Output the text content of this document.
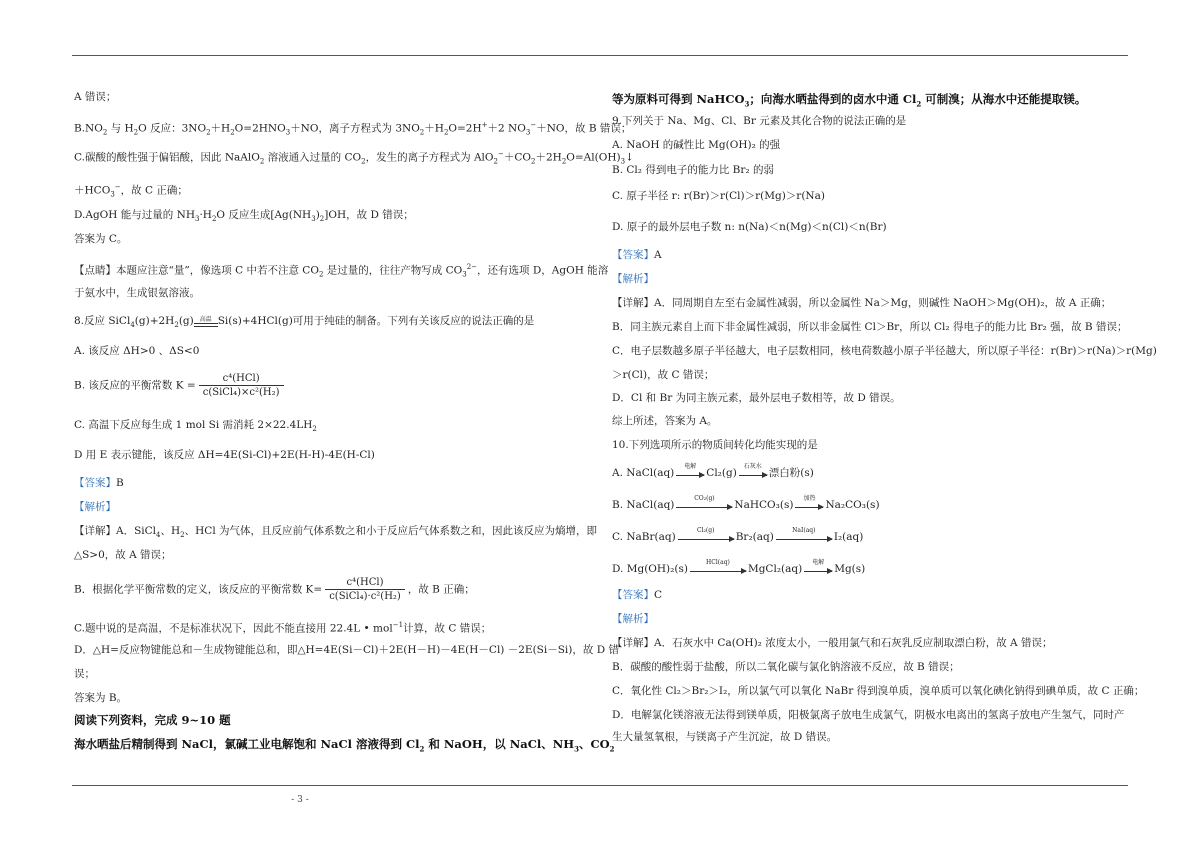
A 错误；
$B.NO_2$ 与 $H_2O$ 反应：$3NO_2+H_2O=2HNO_3+NO$，离子方程式为 $3NO_2+H_2O=2H^++2$ $NO_3^-+NO$，故 B 错误；
C.碳酸的酸性强于偏铝酸，因此 NaAlO$_2$ 溶液通入过量的 $CO_2$，发生的离子方程式为 $AlO_2^-+CO_2+2H_2O=Al(OH)_3↓$
$+HCO_3^-$，故 C 正确；
D.AgOH 能与过量的 $NH_3\cdot H_2O$ 反应生成$[Ag(NH_3)_2]OH$，故 D 错误；
答案为 C。
【点睛】本题应注意“量”，像选项 C 中若不注意 $CO_2$ 是过量的，往往产物写成 $CO_3^{2-}$，还有选项 D，AgOH 能溶
于氨水中，生成银氨溶液。
8.反应 $SiCl_4(g)+2H_2(g)$ 高温 Si(s)+4HCl(g)可用于纯硅的制备。下列有关该反应的说法正确的是
A. 该反应 ΔH>0 、ΔS<0
B. 该反应的平衡常数 $K = \frac{\text{c⁴(HCl)}}{\text{c(SiCl₄)×c²(H₂)}}$
C. 高温下反应每生成 1 mol Si 需消耗 $2\times 22.4LH_2$
D 用 E 表示键能，该反应 ΔH=4E(Si-Cl)+2E(H-H)-4E(H-Cl)
【答案】B
【解析】
【详解】A．SiCl$_4$、$H_2$、HCl 为气体，且反应前气体系数之和小于反应后气体系数之和，因此该反应为熵增，即
△S>0，故 A 错误；
B．根据化学平衡常数的定义，该反应的平衡常数 $K= \frac{\text{c⁴(HCl)}}{\text{c(SiCl₄)·c²(H₂)}}$ ，故 B 正确；
C.题中说的是高温，不是标准状况下，因此不能直接用 22.4L • mol$^{-1}$计算，故 C 错误；
D．△H=反应物键能总和－生成物键能总和，即△H=4E(Si－Cl)＋2E(H－H)－4E(H－Cl) －2E(Si－Si)，故 D 错
误；
答案为 B。
阅读下列资料，完成 9~10 题
海水晒盐后精制得到 NaCl，氯碱工业电解饱和 NaCl 溶液得到 $Cl_2$ 和 NaOH，以 NaCl、$NH_3$、$CO_2$
等为原料可得到 NaHCO$_3$；向海水晒盐得到的卤水中通 $Cl_2$ 可制溴；从海水中还能提取镁。
9.下列关于 Na、Mg、Cl、Br 元素及其化合物的说法正确的是
A. NaOH 的碱性比 Mg(OH)₂ 的强
B. Cl₂ 得到电子的能力比 Br₂ 的弱
C. 原子半径 r: r(Br)＞r(Cl)＞r(Mg)＞r(Na)
D. 原子的最外层电子数 n: n(Na)＜n(Mg)＜n(Cl)＜n(Br)
【答案】A
【解析】
【详解】A．同周期自左至右金属性减弱，所以金属性 Na＞Mg，则碱性 NaOH＞Mg(OH)₂，故 A 正确；
B．同主族元素自上而下非金属性减弱，所以非金属性 Cl＞Br，所以 Cl₂ 得电子的能力比 Br₂ 强，故 B 错误；
C．电子层数越多原子半径越大，电子层数相同，核电荷数越小原子半径越大，所以原子半径：r(Br)＞r(Na)＞r(Mg)
＞r(Cl)，故 C 错误；
D．Cl 和 Br 为同主族元素，最外层电子数相等，故 D 错误。
综上所述，答案为 A。
10.下列选项所示的物质间转化均能实现的是
A. NaCl(aq)
电解
Cl₂(g)
石灰水
漂白粉(s)
B. NaCl(aq)
CO₂(g)
NaHCO₃(s)
加热
Na₂CO₃(s)
C. NaBr(aq)
Cl₂(g)
Br₂(aq)
NaI(aq)
I₂(aq)
D. Mg(OH)₂(s)
HCl(aq)
MgCl₂(aq)
电解
Mg(s)
【答案】C
【解析】
【详解】A．石灰水中 Ca(OH)₂ 浓度太小，一般用氯气和石灰乳反应制取漂白粉，故 A 错误；
B．碳酸的酸性弱于盐酸，所以二氧化碳与氯化钠溶液不反应，故 B 错误；
C．氧化性 Cl₂＞Br₂＞I₂，所以氯气可以氧化 NaBr 得到溴单质，溴单质可以氧化碘化钠得到碘单质，故 C 正确；
D．电解氯化镁溶液无法得到镁单质，阳极氯离子放电生成氯气，阴极水电离出的氢离子放电产生氢气，同时产
生大量氢氧根，与镁离子产生沉淀，故 D 错误。
- 3 -
